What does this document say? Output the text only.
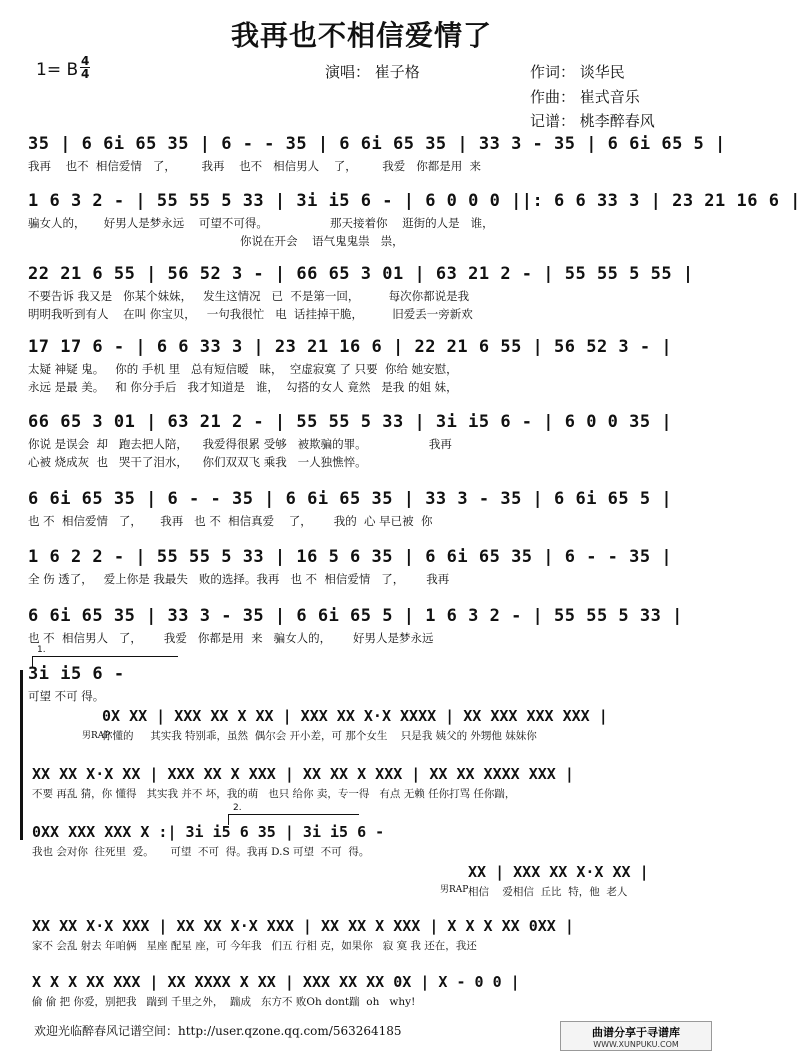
我再也不相信爱情了
1= B 4
4	演唱： 崔子格	作词： 谈华民
作曲： 崔式音乐
记谱： 桃李醉春风
35 | 6 6i 65 35 | 6 - - 35 | 6 6i 65 35 | 33 3 - 35 | 6 6i 65 5 |
我再    也不  相信爱情   了，       我再    也不   相信男人    了，       我爱   你都是用  来
1 6 3 2 - | 55 55 5 33 | 3i i5 6 - | 6 0 0 0 ||: 6 6 33 3 | 23 21 16 6 |
骗女人的，     好男人是梦永远    可望不可得。                 那天接着你    逛街的人是   谁，
你说在开会    语气鬼鬼祟   祟，
22 21 6 55 | 56 52 3 - | 66 65 3 01 | 63 21 2 - | 55 55 5 55 |
不要告诉 我又是   你某个妹妹，   发生这情况   已  不是第一回，        每次你都说是我
明明我听到有人    在叫 你宝贝，   一句我很忙   电  话挂掉干脆，        旧爱丢一旁新欢
17 17 6 - | 6 6 33 3 | 23 21 16 6 | 22 21 6 55 | 56 52 3 - |
太疑 神疑 鬼。   你的 手机 里   总有短信暧   昧，  空虚寂寞 了 只要  你给 她安慰，
永远 是最 美。   和 你分手后   我才知道是   谁，  勾搭的女人 竟然   是我 的姐 妹，
66 65 3 01 | 63 21 2 - | 55 55 5 33 | 3i i5 6 - | 6 0 0 35 |
你说 是误会  却   跑去把人陪，    我爱得很累 受够   被欺骗的罪。                 我再
心被 烧成灰  也   哭干了泪水，    你们双双飞 乘我   一人独憔悴。
6 6i 65 35 | 6 - - 35 | 6 6i 65 35 | 33 3 - 35 | 6 6i 65 5 |
也 不  相信爱情   了，     我再   也 不  相信真爱    了，      我的  心 早已被  你
1 6 2 2 - | 55 55 5 33 | 16 5 6 35 | 6 6i 65 35 | 6 - - 35 |
全 伤 透了，   爱上你是 我最失   败的选择。我再   也 不  相信爱情   了，      我再
6 6i 65 35 | 33 3 - 35 | 6 6i 65 5 | 1 6 3 2 - | 55 55 5 33 |
也 不  相信男人   了，      我爱   你都是用  来   骗女人的，      好男人是梦永远
1.
3i i5 6 -
可望 不可 得。
男RAP
0X XX | XXX XX X XX | XXX XX X·X XXXX | XX XXX XXX XXX |
你懂的     其实我 特别乖，虽然  偶尔会 开小差，可 那个女生    只是我 姨父的 外甥他 妹妹你
XX XX X·X XX | XXX XX X XXX | XX XX X XXX | XX XX XXXX XXX |
不要 再乱 猜，你 懂得   其实我 并不 坏，我的萌   也只 给你 卖，专一得   有点 无赖 任你打骂 任你踹，
2.
0XX XXX XXX X :| 3i i5 6 35 | 3i i5 6 -
我也 会对你  往死里  爱。     可望  不可  得。我再 D.S 可望  不可  得。
男RAP
XX | XXX XX X·X XX |
相信    爱相信  丘比  特，他  老人
XX XX X·X XXX | XX XX X·X XXX | XX XX X XXX | X X X XX 0XX |
家不 会乱 射去 年咱俩   星座 配星 座，可 今年我   们五 行相 克，如果你   寂 寞 我 还在，我还
X X X XX XXX | XX XXXX X XX | XXX XX XX 0X | X - 0 0 |
偷 偷 把 你爱，别把我   踹到 千里之外，  踹成   东方不 败Oh dont踹  oh   why!
欢迎光临醉春风记谱空间：http://user.qzone.qq.com/563264185	曲谱分享于寻谱库
WWW.XUNPUKU.COM
